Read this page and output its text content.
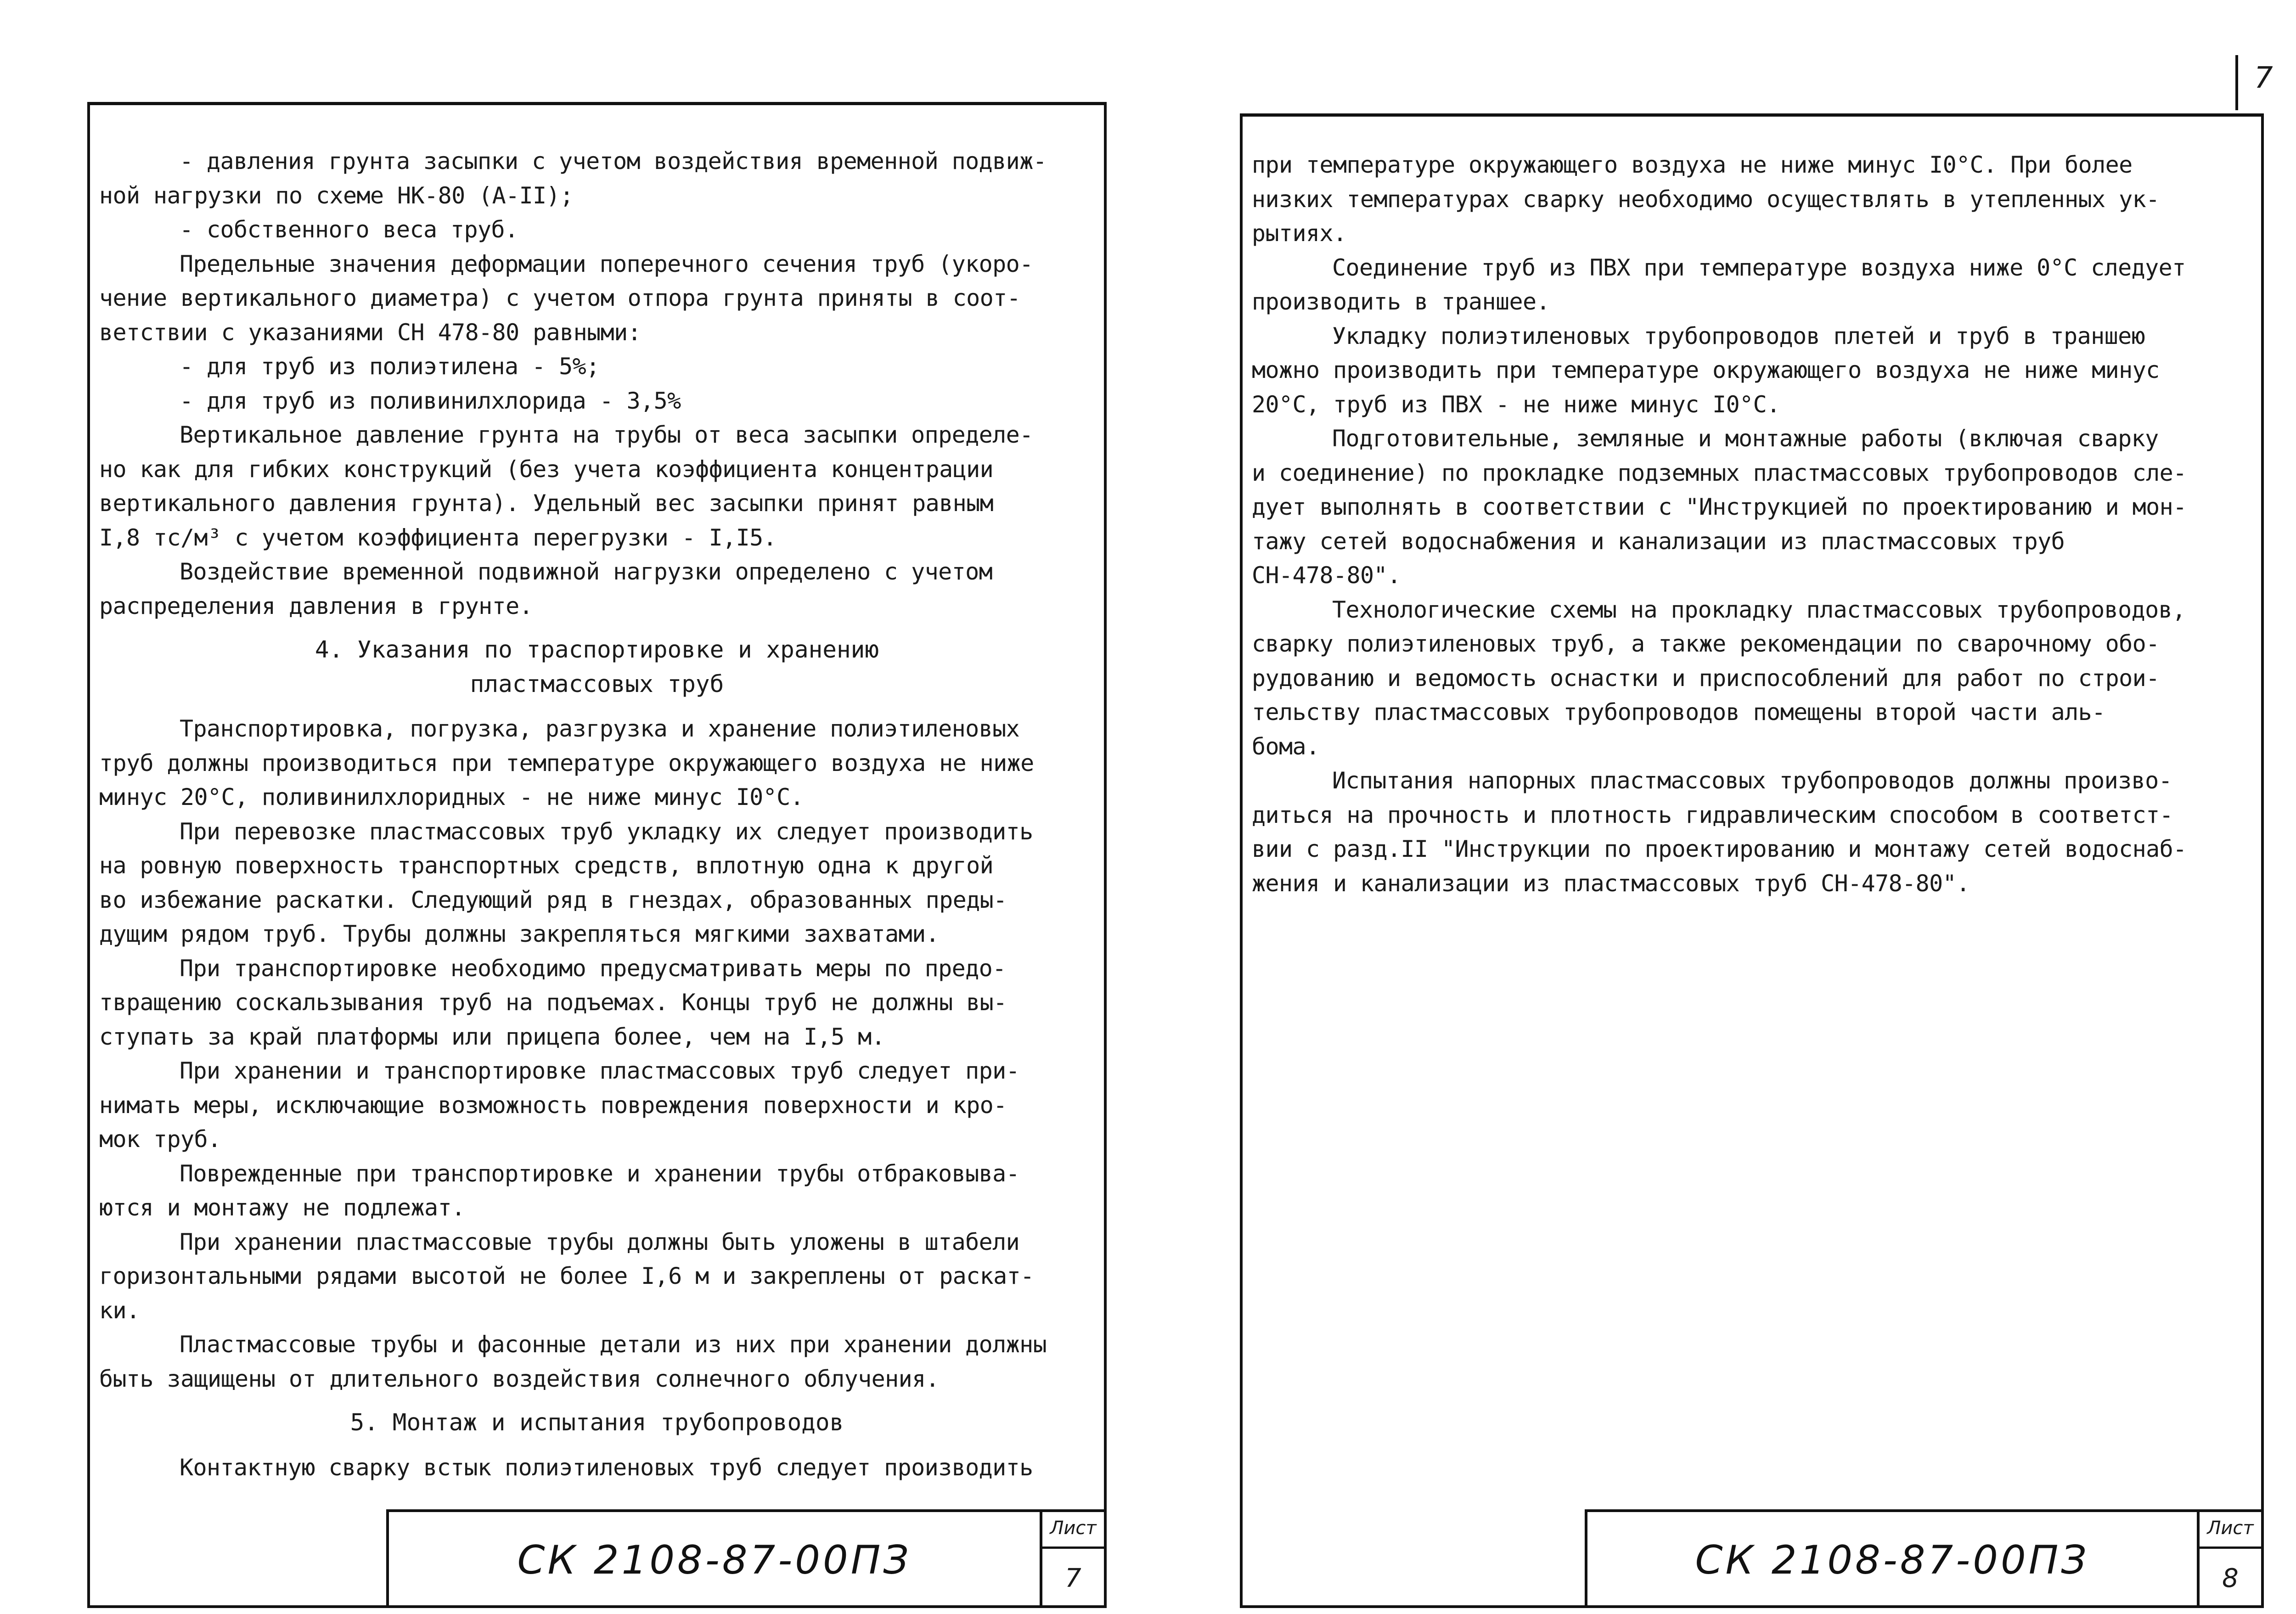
7

- давления грунта засыпки с учетом воздействия временной подвиж-

ной нагрузки по схеме НК-80 (А-II);

- собственного веса труб.

Предельные значения деформации поперечного сечения труб (укоро-

чение вертикального диаметра) с учетом отпора грунта приняты в соот-

ветствии с указаниями СН 478-80 равными:

- для труб из полиэтилена - 5%;

- для труб из поливинилхлорида - 3,5%

Вертикальное давление грунта на трубы от веса засыпки определе-

но как для гибких конструкций (без учета коэффициента концентрации

вертикального давления грунта). Удельный вес засыпки принят равным

I,8 тс/м³ с учетом коэффициента перегрузки - I,I5.

Воздействие временной подвижной нагрузки определено с учетом

распределения давления в грунте.

4. Указания по траспортировке и хранению
пластмассовых труб

Транспортировка, погрузка, разгрузка и хранение полиэтиленовых

труб должны производиться при температуре окружающего воздуха не ниже

минус 20°С, поливинилхлоридных - не ниже минус I0°С.

При перевозке пластмассовых труб укладку их следует производить

на ровную поверхность транспортных средств, вплотную одна к другой

во избежание раскатки. Следующий ряд в гнездах, образованных преды-

дущим рядом труб. Трубы должны закрепляться мягкими захватами.

При транспортировке необходимо предусматривать меры по предо-

твращению соскальзывания труб на подъемах. Концы труб не должны вы-

ступать за край платформы или прицепа более, чем на I,5 м.

При хранении и транспортировке пластмассовых труб следует при-

нимать меры, исключающие возможность повреждения поверхности и кро-

мок труб.

Поврежденные при транспортировке и хранении трубы отбраковыва-

ются и монтажу не подлежат.

При хранении пластмассовые трубы должны быть уложены в штабели

горизонтальными рядами высотой не более I,6 м и закреплены от раскат-

ки.

Пластмассовые трубы и фасонные детали из них при хранении должны

быть защищены от длительного воздействия солнечного облучения.

5. Монтаж и испытания трубопроводов

Контактную сварку встык полиэтиленовых труб следует производить

СК 2108-87-00ПЗ
Лист
7

при температуре окружающего воздуха не ниже минус I0°С. При более

низких температурах сварку необходимо осуществлять в утепленных ук-

рытиях.

Соединение труб из ПВХ при температуре воздуха ниже 0°С следует

производить в траншее.

Укладку полиэтиленовых трубопроводов плетей и труб в траншею

можно производить при температуре окружающего воздуха не ниже минус

20°С, труб из ПВХ - не ниже минус I0°С.

Подготовительные, земляные и монтажные работы (включая сварку

и соединение) по прокладке подземных пластмассовых трубопроводов сле-

дует выполнять в соответствии с "Инструкцией по проектированию и мон-

тажу сетей водоснабжения и канализации из пластмассовых труб

СН-478-80".

Технологические схемы на прокладку пластмассовых трубопроводов,

сварку полиэтиленовых труб, а также рекомендации по сварочному обо-

рудованию и ведомость оснастки и приспособлений для работ по строи-

тельству пластмассовых трубопроводов помещены второй части аль-

бома.

Испытания напорных пластмассовых трубопроводов должны произво-

диться на прочность и плотность гидравлическим способом в соответст-

вии с разд.II "Инструкции по проектированию и монтажу сетей водоснаб-

жения и канализации из пластмассовых труб СН-478-80".

СК 2108-87-00ПЗ
Лист
8
